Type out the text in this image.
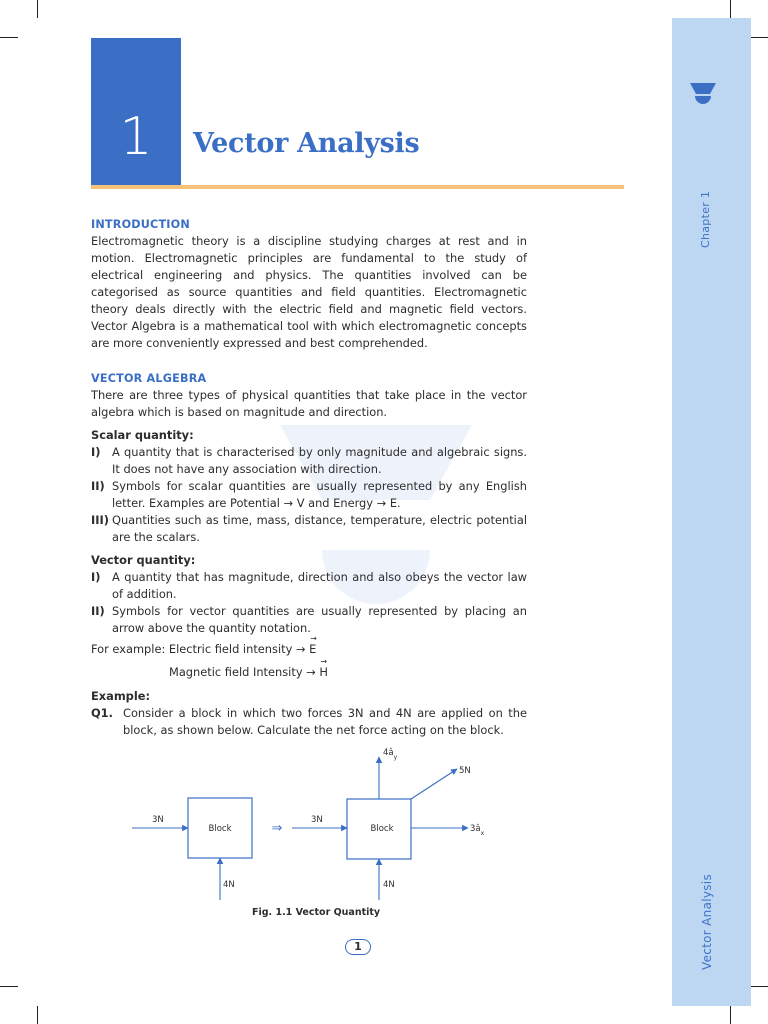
Chapter 1
Vector Analysis
1	Vector Analysis
INTRODUCTION
Electromagnetic theory is a discipline studying charges at rest and in motion. Electromagnetic principles are fundamental to the study of electrical engineering and physics. The quantities involved can be categorised as source quantities and field quantities. Electromagnetic theory deals directly with the electric field and magnetic field vectors. Vector Algebra is a mathematical tool with which electromagnetic concepts are more conveniently expressed and best comprehended.
VECTOR ALGEBRA
There are three types of physical quantities that take place in the vector algebra which is based on magnitude and direction.
Scalar quantity:
I) A quantity that is characterised by only magnitude and algebraic signs. It does not have any association with direction.
II) Symbols for scalar quantities are usually represented by any English letter. Examples are Potential → V and Energy → E.
III) Quantities such as time, mass, distance, temperature, electric potential are the scalars.
Vector quantity:
I) A quantity that has magnitude, direction and also obeys the vector law of addition.
II) Symbols for vector quantities are usually represented by placing an arrow above the quantity notation.
For example: Electric field intensity → → E
Magnetic field Intensity → → H
Example:
Q1. Consider a block in which two forces 3N and 4N are applied on the block, as shown below. Calculate the net force acting on the block.
Block
3N
4N
⇒	Block
3N
4N
$4â_y$
$3â_x$
5N
Fig. 1.1 Vector Quantity
1
